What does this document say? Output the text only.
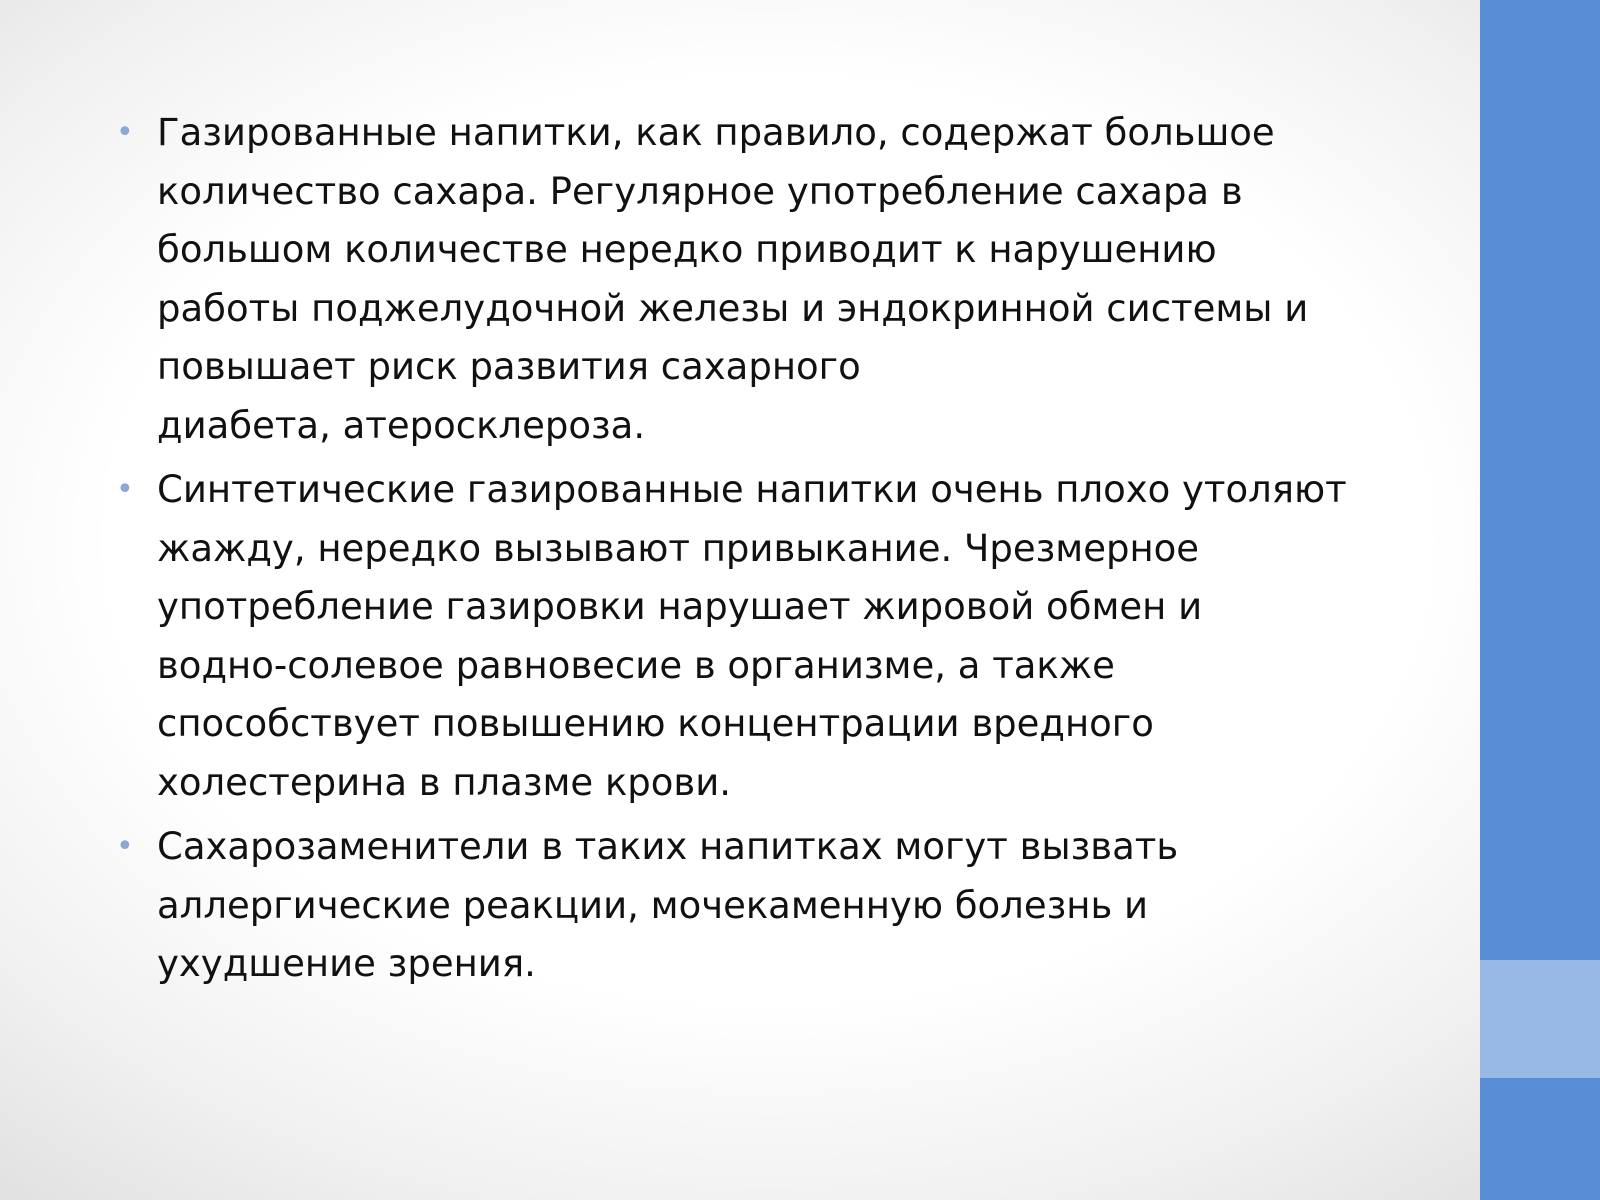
• Газированные напитки, как правило, содержат большое
количество сахара. Регулярное употребление сахара в
большом количестве нередко приводит к нарушению
работы поджелудочной железы и эндокринной системы и
повышает риск развития сахарного
диабета, атеросклероза.
• Синтетические газированные напитки очень плохо утоляют
жажду, нередко вызывают привыкание. Чрезмерное
употребление газировки нарушает жировой обмен и
водно-солевое равновесие в организме, а также
способствует повышению концентрации вредного
холестерина в плазме крови.
• Сахарозаменители в таких напитках могут вызвать
аллергические реакции, мочекаменную болезнь и
ухудшение зрения.
